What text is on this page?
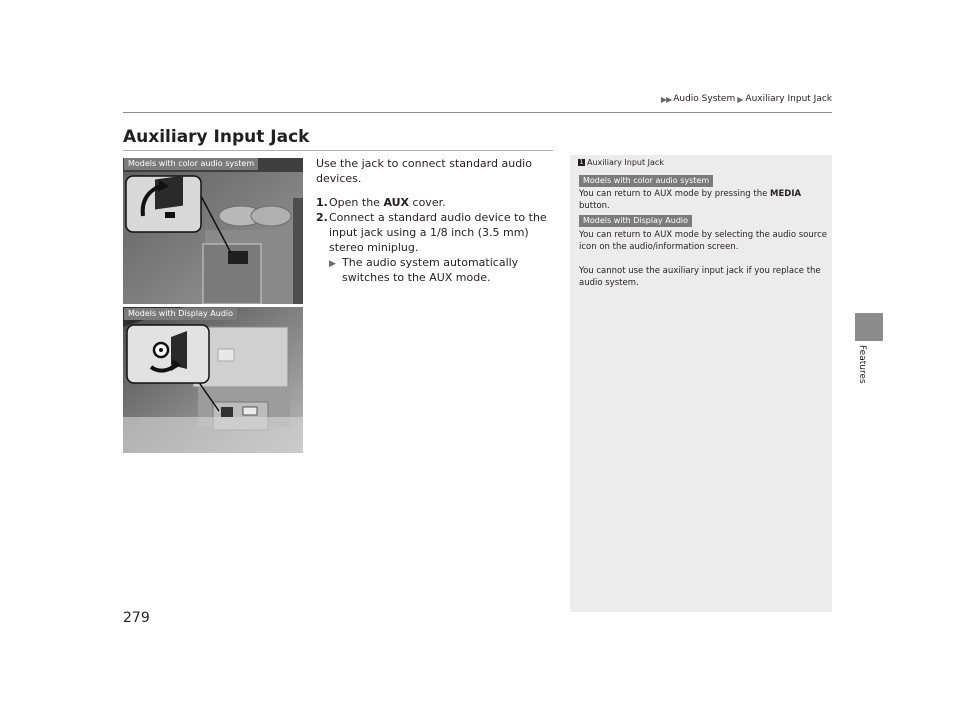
▶▶ Audio System ▶ Auxiliary Input Jack
Features
Auxiliary Input Jack
Models with color audio system
Models with Display Audio

Use the jack to connect standard audio devices.

1. Open the AUX cover.
2. Connect a standard audio device to the input jack using a 1/8 inch (3.5 mm) stereo miniplug.
▶ The audio system automatically switches to the AUX mode.
1 Auxiliary Input Jack
Models with color audio system
You can return to AUX mode by pressing the MEDIA button.
Models with Display Audio
You can return to AUX mode by selecting the audio source icon on the audio/information screen.
You cannot use the auxiliary input jack if you replace the audio system.
279
